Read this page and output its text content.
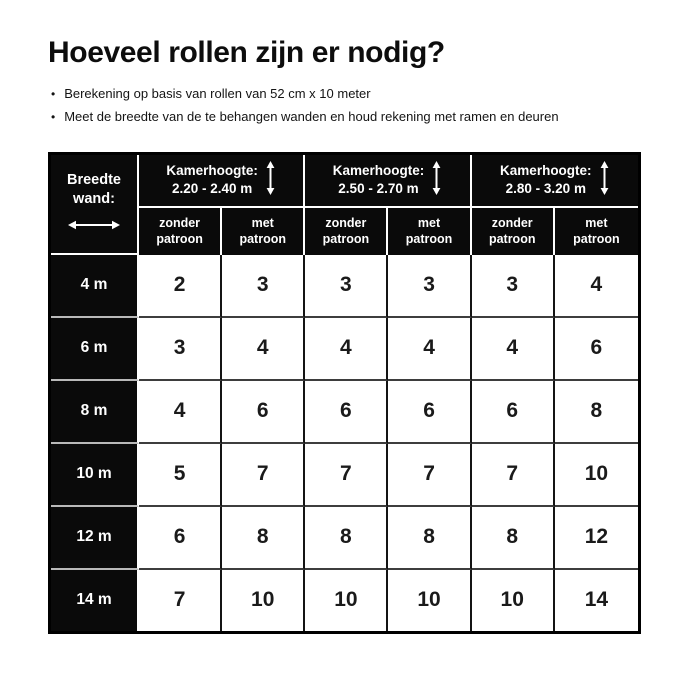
Hoeveel rollen zijn er nodig?
• Berekening op basis van rollen van 52 cm x 10 meter
• Meet de breedte van de te behangen wanden en houd rekening met ramen en deuren
Breedte wand:

Kamerhoogte:
2.20 - 2.40 m

Kamerhoogte:
2.50 - 2.70 m

Kamerhoogte:
2.80 - 3.20 m

	zonder patroon	met patroon	zonder patroon	met patroon	zonder patroon	met patroon
4 m	2	3	3	3	3	4
6 m	3	4	4	4	4	6
8 m	4	6	6	6	6	8
10 m	5	7	7	7	7	10
12 m	6	8	8	8	8	12
14 m	7	10	10	10	10	14
